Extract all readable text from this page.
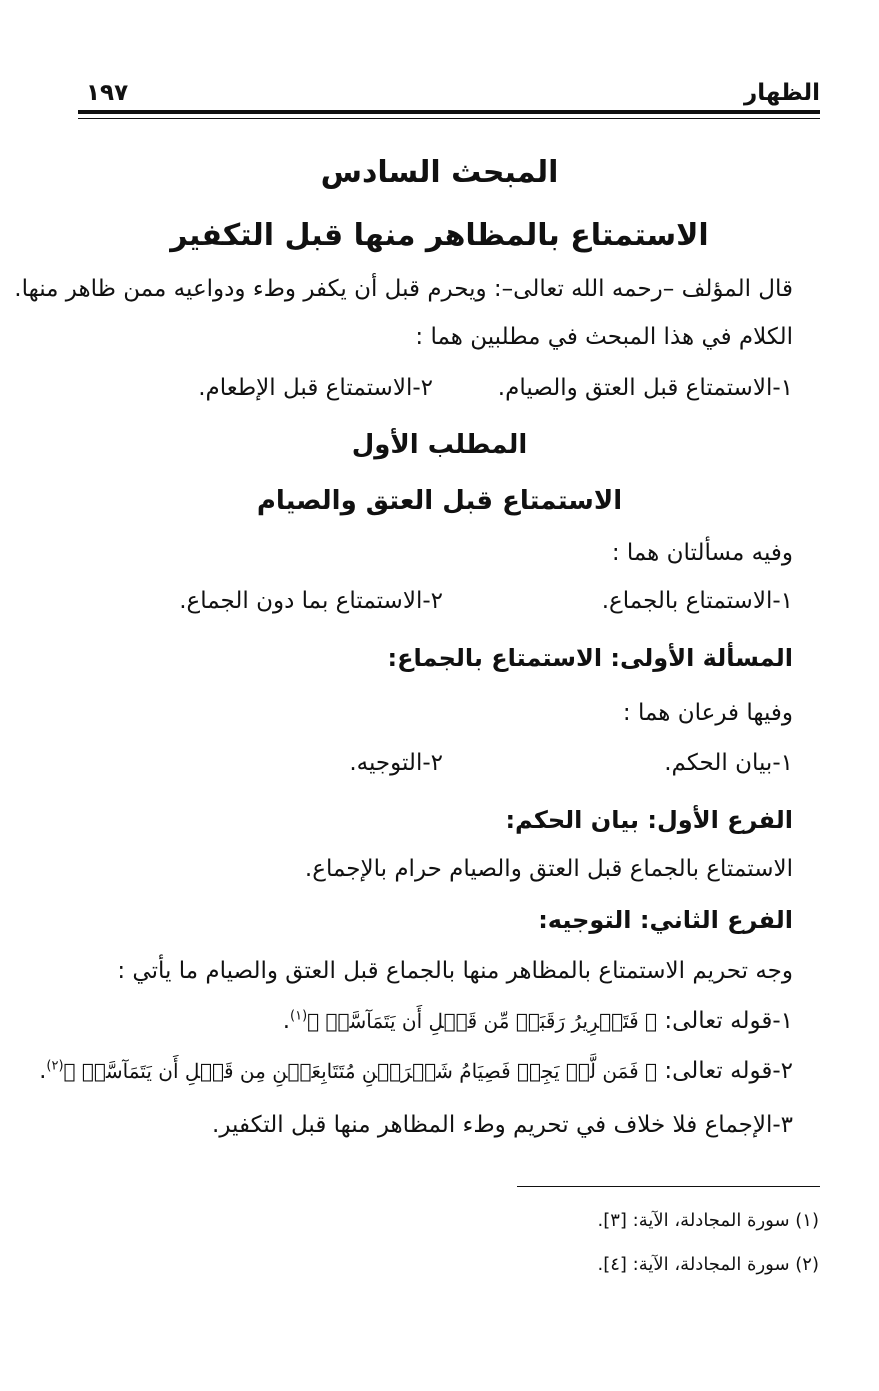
الظهار
١٩٧
المبحث السادس
الاستمتاع بالمظاهر منها قبل التكفير
قال المؤلف –رحمه الله تعالى–: ويحرم قبل أن يكفر وطء ودواعيه ممن ظاهر منها.
الكلام في هذا المبحث في مطلبين هما :
١-الاستمتاع قبل العتق والصيام.
٢-الاستمتاع قبل الإطعام.
المطلب الأول
الاستمتاع قبل العتق والصيام
وفيه مسألتان هما :
١-الاستمتاع بالجماع.
٢-الاستمتاع بما دون الجماع.
المسألة الأولى: الاستمتاع بالجماع:
وفيها فرعان هما :
١-بيان الحكم.
٢-التوجيه.
الفرع الأول: بيان الحكم:
الاستمتاع بالجماع قبل العتق والصيام حرام بالإجماع.
الفرع الثاني: التوجيه:
وجه تحريم الاستمتاع بالمظاهر منها بالجماع قبل العتق والصيام ما يأتي :
١-قوله تعالى: ﴿ فَتَحۡرِيرُ رَقَبَةٖ مِّن قَبۡلِ أَن يَتَمَآسَّاۚ ﴾$^{(١)}$.
٢-قوله تعالى: ﴿ فَمَن لَّمۡ يَجِدۡ فَصِيَامُ شَهۡرَيۡنِ مُتَتَابِعَيۡنِ مِن قَبۡلِ أَن يَتَمَآسَّاۖ ﴾$^{(٢)}$.
٣-الإجماع فلا خلاف في تحريم وطء المظاهر منها قبل التكفير.
(١) سورة المجادلة، الآية: [٣].
(٢) سورة المجادلة، الآية: [٤].
